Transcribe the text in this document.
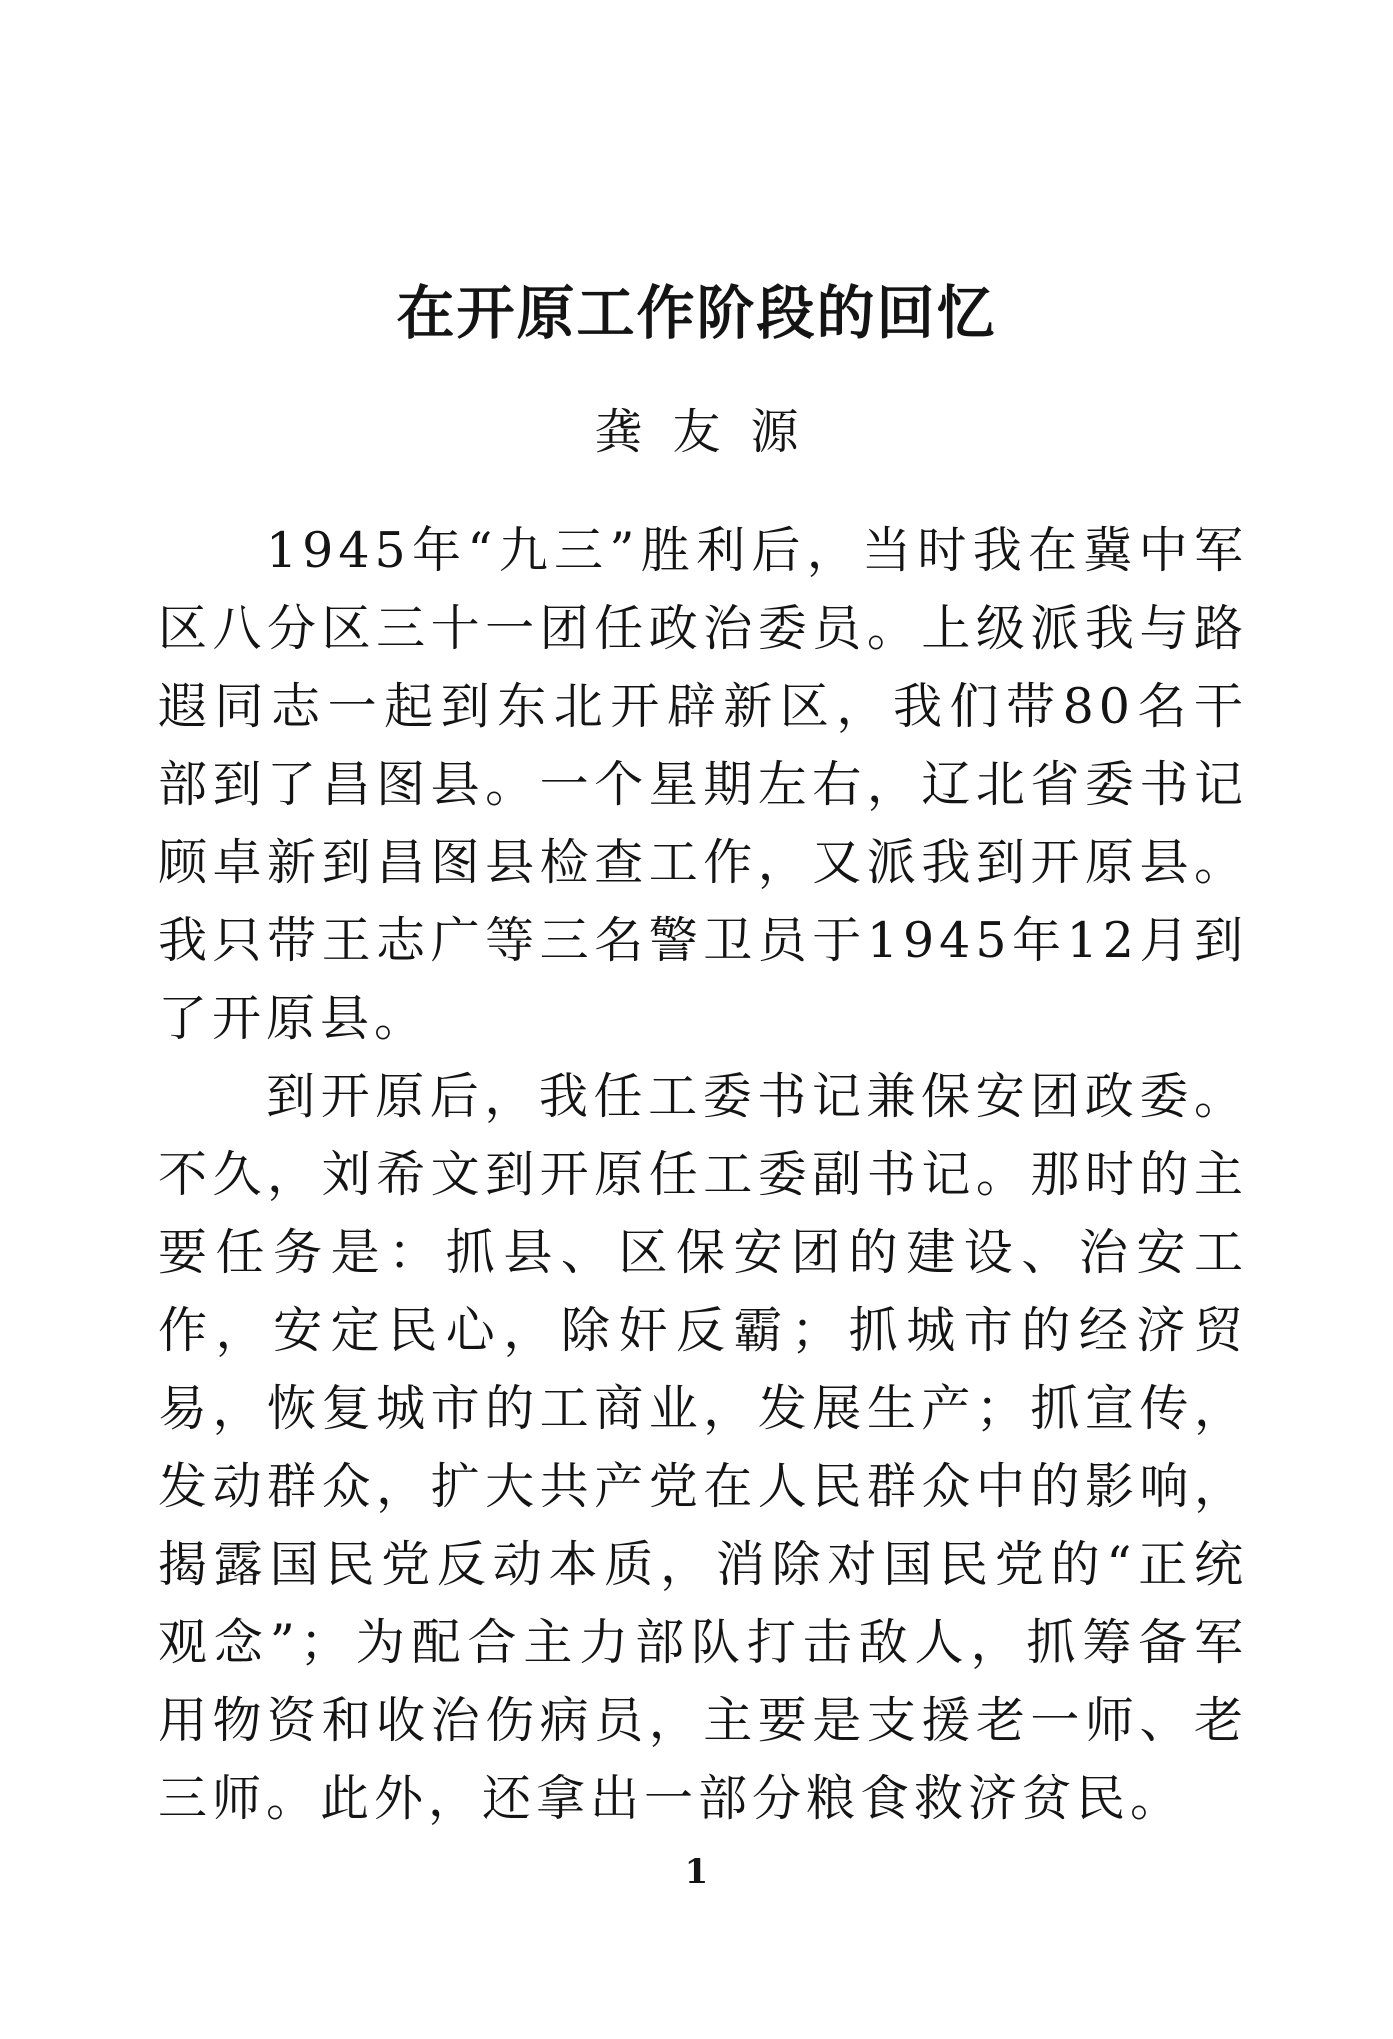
在开原工作阶段的回忆
龚友源

1945年“九三”胜利后，当时我在冀中军区八分区三十一团任政治委员。上级派我与路遐同志一起到东北开辟新区，我们带80名干部到了昌图县。一个星期左右，辽北省委书记顾卓新到昌图县检查工作，又派我到开原县。我只带王志广等三名警卫员于1945年12月到了开原县。

到开原后，我任工委书记兼保安团政委。不久，刘希文到开原任工委副书记。那时的主要任务是：抓县、区保安团的建设、治安工作，安定民心，除奸反霸；抓城市的经济贸易，恢复城市的工商业，发展生产；抓宣传，发动群众，扩大共产党在人民群众中的影响，揭露国民党反动本质，消除对国民党的“正统观念”；为配合主力部队打击敌人，抓筹备军用物资和收治伤病员，主要是支援老一师、老三师。此外，还拿出一部分粮食救济贫民。

1
